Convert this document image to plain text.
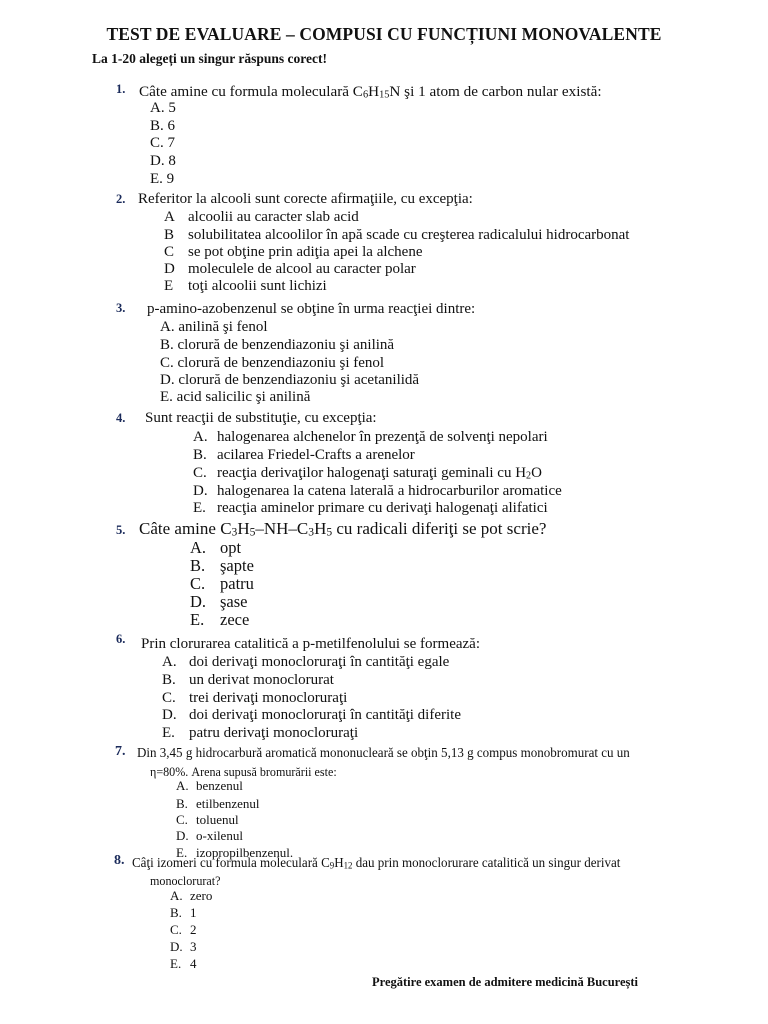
TEST DE EVALUARE – COMPUSI CU FUNCȚIUNI MONOVALENTE
La 1-20 alegeți un singur răspuns corect!
1. Câte amine cu formula moleculară $C_6H_{15}N$ şi 1 atom de carbon nular există:
A. 5
B. 6
C. 7
D. 8
E. 9
2. Referitor la alcooli sunt corecte afirmaţiile, cu excepţia:
A alcoolii au caracter slab acid
B solubilitatea alcoolilor în apă scade cu creşterea radicalului hidrocarbonat
C se pot obţine prin adiţia apei la alchene
D moleculele de alcool au caracter polar
E toţi alcoolii sunt lichizi
3. p-amino-azobenzenul se obţine în urma reacţiei dintre:
A. anilină şi fenol
B. clorură de benzendiazoniu şi anilină
C. clorură de benzendiazoniu şi fenol
D. clorură de benzendiazoniu şi acetanilidă
E. acid salicilic şi anilină
4. Sunt reacţii de substituţie, cu excepţia:
A. halogenarea alchenelor în prezenţă de solvenţi nepolari
B. acilarea Friedel-Crafts a arenelor
C. reacţia derivaţilor halogenaţi saturaţi geminali cu $H_2O$
D. halogenarea la catena laterală a hidrocarburilor aromatice
E. reacţia aminelor primare cu derivaţi halogenaţi alifatici
5. Câte amine $C_3H_5-NH-C_3H_5$ cu radicali diferiţi se pot scrie?
A. opt
B. şapte
C. patru
D. şase
E. zece
6. Prin clorurarea catalitică a p-metilfenolului se formează:
A. doi derivaţi monocloruraţi în cantităţi egale
B. un derivat monoclorurat
C. trei derivaţi monocloruraţi
D. doi derivaţi monocloruraţi în cantităţi diferite
E. patru derivaţi monocloruraţi
7. Din 3,45 g hidrocarbură aromatică mononucleară se obţin 5,13 g compus monobromurat cu un
η=80%. Arena supusă bromurării este:
A. benzenul
B. etilbenzenul
C. toluenul
D. o-xilenul
E. izopropilbenzenul.
8. Câţi izomeri cu formula moleculară $C_9H_{12}$ dau prin monoclorurare catalitică un singur derivat
monoclorurat?
A. zero
B. 1
C. 2
D. 3
E. 4
Pregătire examen de admitere medicină București
